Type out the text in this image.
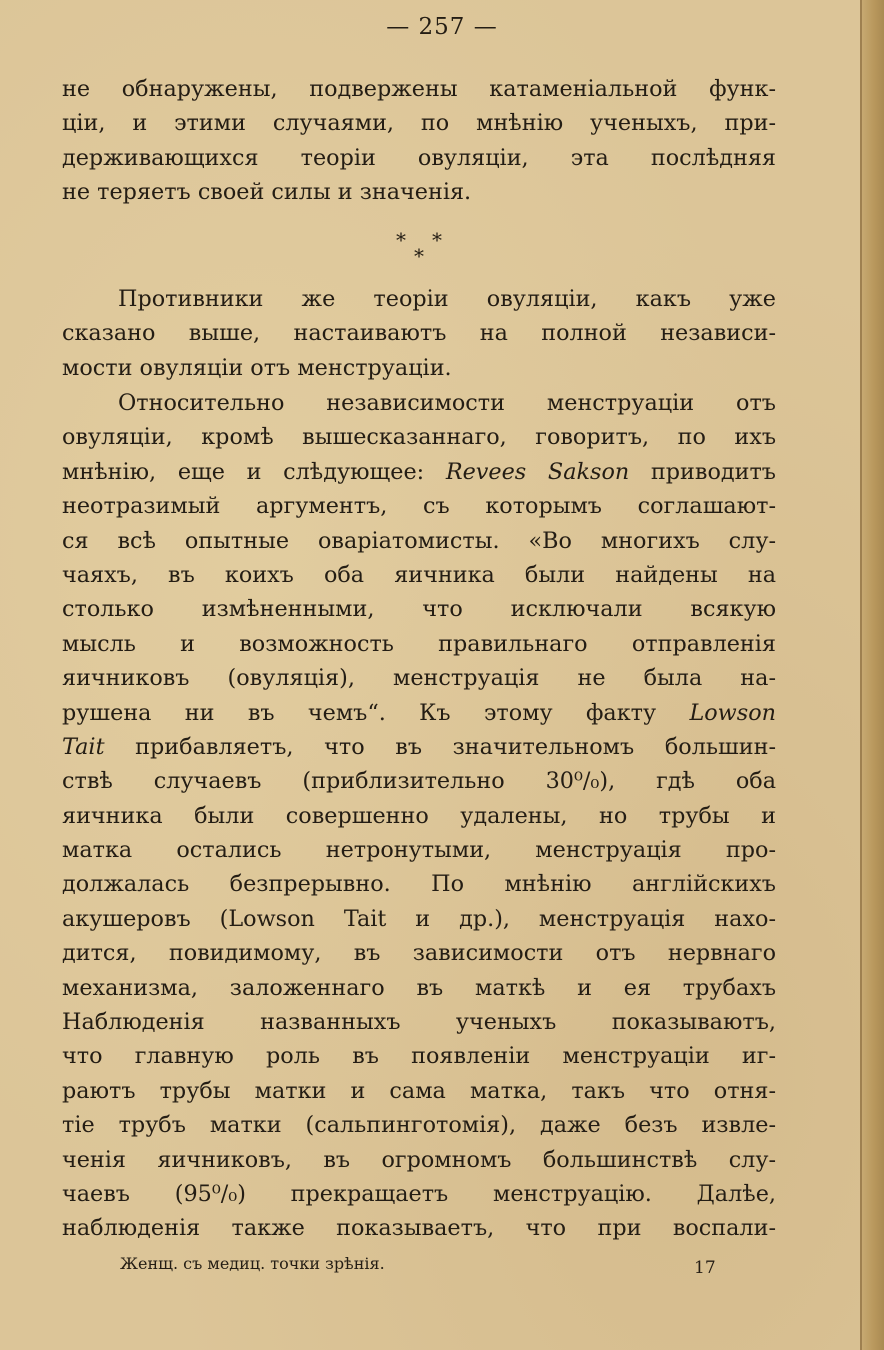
— 257 —
не обнаружены, подвержены катаменіальной функ-
ціи, и этими случаями, по мнѣнію ученыхъ, при-
держивающихся теоріи овуляціи, эта послѣдняя
не теряетъ своей силы и значенія.
* *
*
Противники же теоріи овуляціи, какъ уже
сказано выше, настаиваютъ на полной независи-
мости овуляціи отъ менструаціи.
Относительно независимости менструаціи отъ
овуляціи, кромѣ вышесказаннаго, говоритъ, по ихъ
мнѣнію, еще и слѣдующее: Revees Sakson приводитъ
неотразимый аргументъ, съ которымъ соглашают-
ся всѣ опытные оваріатомисты. «Во многихъ слу-
чаяхъ, въ коихъ оба яичника были найдены на
столько измѣненными, что исключали всякую
мысль и возможность правильнаго отправленія
яичниковъ (овуляція), менструація не была на-
рушена ни въ чемъ“. Къ этому факту Lowson
Tait прибавляетъ, что въ значительномъ большин-
ствѣ случаевъ (приблизительно 30⁰/₀), гдѣ оба
яичника были совершенно удалены, но трубы и
матка остались нетронутыми, менструація про-
должалась безпрерывно. По мнѣнію англійскихъ
акушеровъ (Lowson Tait и др.), менструація нахо-
дится, повидимому, въ зависимости отъ нервнаго
механизма, заложеннаго въ маткѣ и ея трубахъ
Наблюденія названныхъ ученыхъ показываютъ,
что главную роль въ появленіи менструаціи иг-
раютъ трубы матки и сама матка, такъ что отня-
тіе трубъ матки (сальпинготомія), даже безъ извле-
ченія яичниковъ, въ огромномъ большинствѣ слу-
чаевъ (95⁰/₀) прекращаетъ менструацію. Далѣе,
наблюденія также показываетъ, что при воспали-
Женщ. съ медиц. точки зрѣнія.	17
